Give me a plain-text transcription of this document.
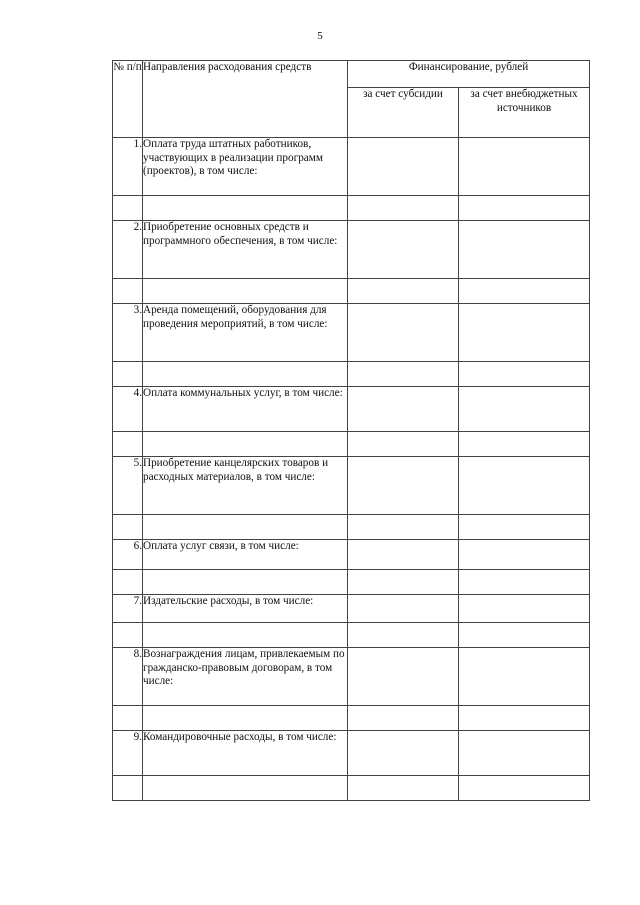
5
№ п/п	Направления расходования средств	Финансирование, рублей	
		за счет субсидии	за счет внебюджетных источников
1.	Оплата труда штатных работников, участвующих в реализации программ (проектов), в том числе:		

2.	Приобретение основных средств и программного обеспечения, в том числе:		

3.	Аренда помещений, оборудования для проведения мероприятий, в том числе:		

4.	Оплата коммунальных услуг, в том числе:		

5.	Приобретение канцелярских товаров и расходных материалов, в том числе:		

6.	Оплата услуг связи, в том числе:		

7.	Издательские расходы, в том числе:		

8.	Вознаграждения лицам, привлекаемым по гражданско-правовым договорам, в том числе:		

9.	Командировочные расходы, в том числе:		
